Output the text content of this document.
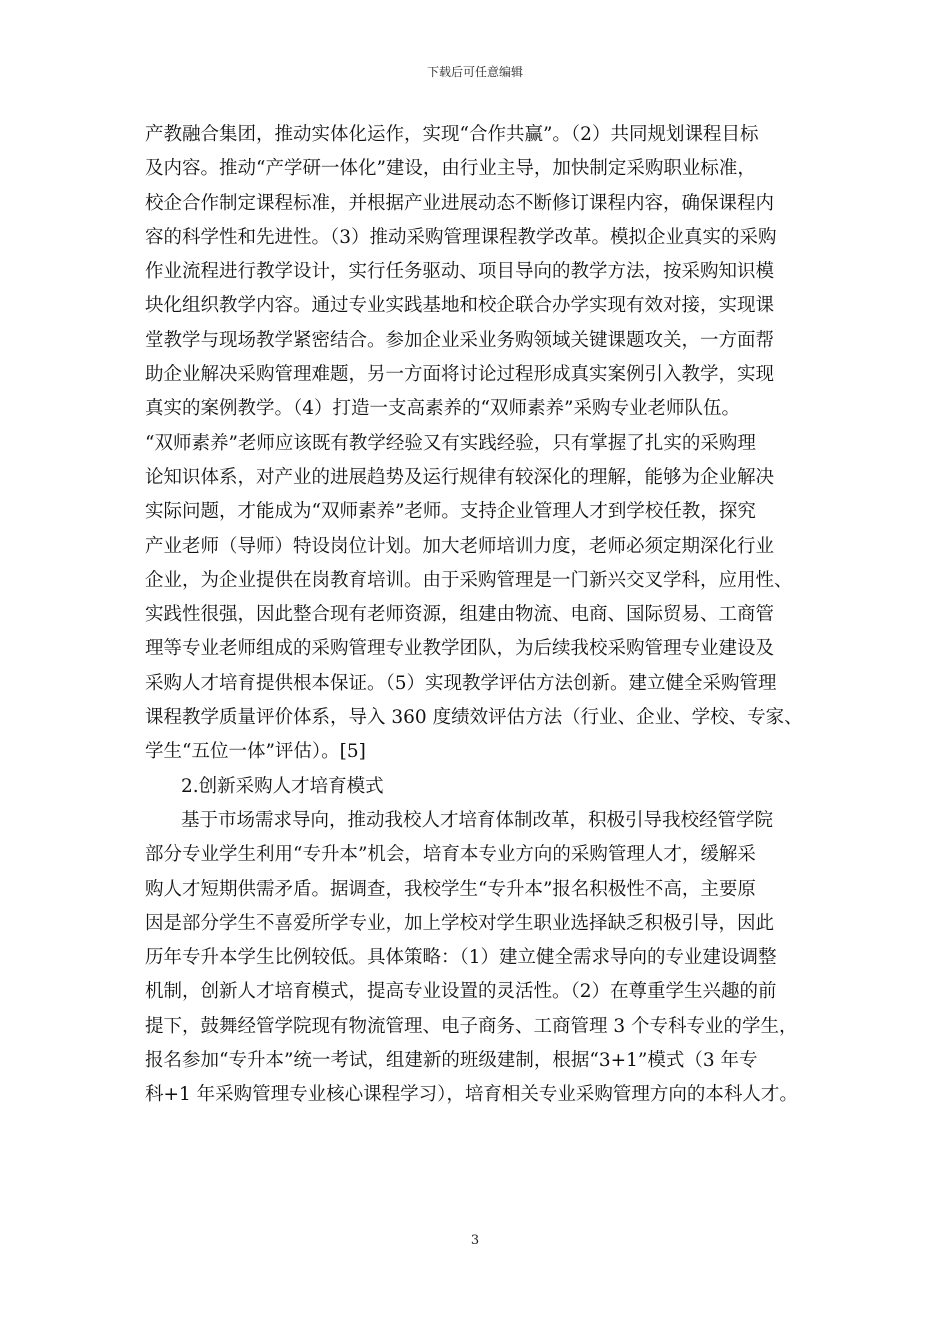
下载后可任意编辑
产教融合集团，推动实体化运作，实现“合作共赢”。（2）共同规划课程目标
及内容。推动“产学研一体化”建设，由行业主导，加快制定采购职业标准，
校企合作制定课程标准，并根据产业进展动态不断修订课程内容，确保课程内
容的科学性和先进性。（3）推动采购管理课程教学改革。模拟企业真实的采购
作业流程进行教学设计，实行任务驱动、项目导向的教学方法，按采购知识模
块化组织教学内容。通过专业实践基地和校企联合办学实现有效对接，实现课
堂教学与现场教学紧密结合。参加企业采业务购领域关键课题攻关，一方面帮
助企业解决采购管理难题，另一方面将讨论过程形成真实案例引入教学，实现
真实的案例教学。（4）打造一支高素养的“双师素养”采购专业老师队伍。
“双师素养”老师应该既有教学经验又有实践经验，只有掌握了扎实的采购理
论知识体系，对产业的进展趋势及运行规律有较深化的理解，能够为企业解决
实际问题，才能成为“双师素养”老师。支持企业管理人才到学校任教，探究
产业老师（导师）特设岗位计划。加大老师培训力度，老师必须定期深化行业
企业，为企业提供在岗教育培训。由于采购管理是一门新兴交叉学科，应用性、
实践性很强，因此整合现有老师资源，组建由物流、电商、国际贸易、工商管
理等专业老师组成的采购管理专业教学团队，为后续我校采购管理专业建设及
采购人才培育提供根本保证。（5）实现教学评估方法创新。建立健全采购管理
课程教学质量评价体系，导入 360 度绩效评估方法（行业、企业、学校、专家、
学生“五位一体”评估）。[5]
2.创新采购人才培育模式
基于市场需求导向，推动我校人才培育体制改革，积极引导我校经管学院
部分专业学生利用“专升本”机会，培育本专业方向的采购管理人才，缓解采
购人才短期供需矛盾。据调查，我校学生“专升本”报名积极性不高，主要原
因是部分学生不喜爱所学专业，加上学校对学生职业选择缺乏积极引导，因此
历年专升本学生比例较低。具体策略：（1）建立健全需求导向的专业建设调整
机制，创新人才培育模式，提高专业设置的灵活性。（2）在尊重学生兴趣的前
提下，鼓舞经管学院现有物流管理、电子商务、工商管理 3 个专科专业的学生，
报名参加“专升本”统一考试，组建新的班级建制，根据“3+1”模式（3 年专
科+1 年采购管理专业核心课程学习），培育相关专业采购管理方向的本科人才。
3
